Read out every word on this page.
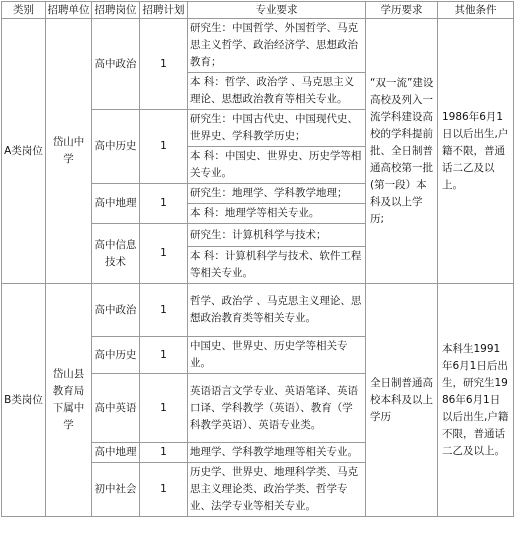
类别	招聘单位	招聘岗位	招聘计划	专业要求	学历要求	其他条件
A类岗位	岱山中学	高中政治	1	研究生：中国哲学、外国哲学、马克思主义哲学、政治经济学、思想政治教育；	“双一流”建设高校及列入一流学科建设高校的学科提前批、全日制普通高校第一批(第一段）本科及以上学历;	1986年6月1日以后出生,户籍不限，普通话二乙及以上。
				本 科：哲学、政治学 、马克思主义理论、思想政治教育等相关专业。		
		高中历史	1	研究生：中国古代史、中国现代史、世界史、学科教学历史；		
				本 科：中国史、世界史、历史学等相关专业。		
		高中地理	1	研究生：地理学、学科教学地理；		
				本 科：地理学等相关专业。		
		高中信息技术	1	研究生：计算机科学与技术；		
				本 科：计算机科学与技术、软件工程等相关专业。		
B类岗位	岱山县教育局下属中学	高中政治	1	哲学、政治学 、马克思主义理论、思想政治教育类等相关专业。	全日制普通高校本科及以上学历	本科生1991年6月1日后出生，研究生1986年6月1日以后出生,户籍不限，普通话二乙及以上。
		高中历史	1	中国史、世界史、历史学等相关专业。		
		高中英语	1	英语语言文学专业、英语笔译、英语口译、学科教学（英语）、教育（学科教学英语）、英语专业类。		
		高中地理	1	地理学、学科教学地理等相关专业。		
		初中社会	1	历史学、世界史、地理科学类、马克思主义理论类、政治学类、哲学专业、法学专业等相关专业。		
